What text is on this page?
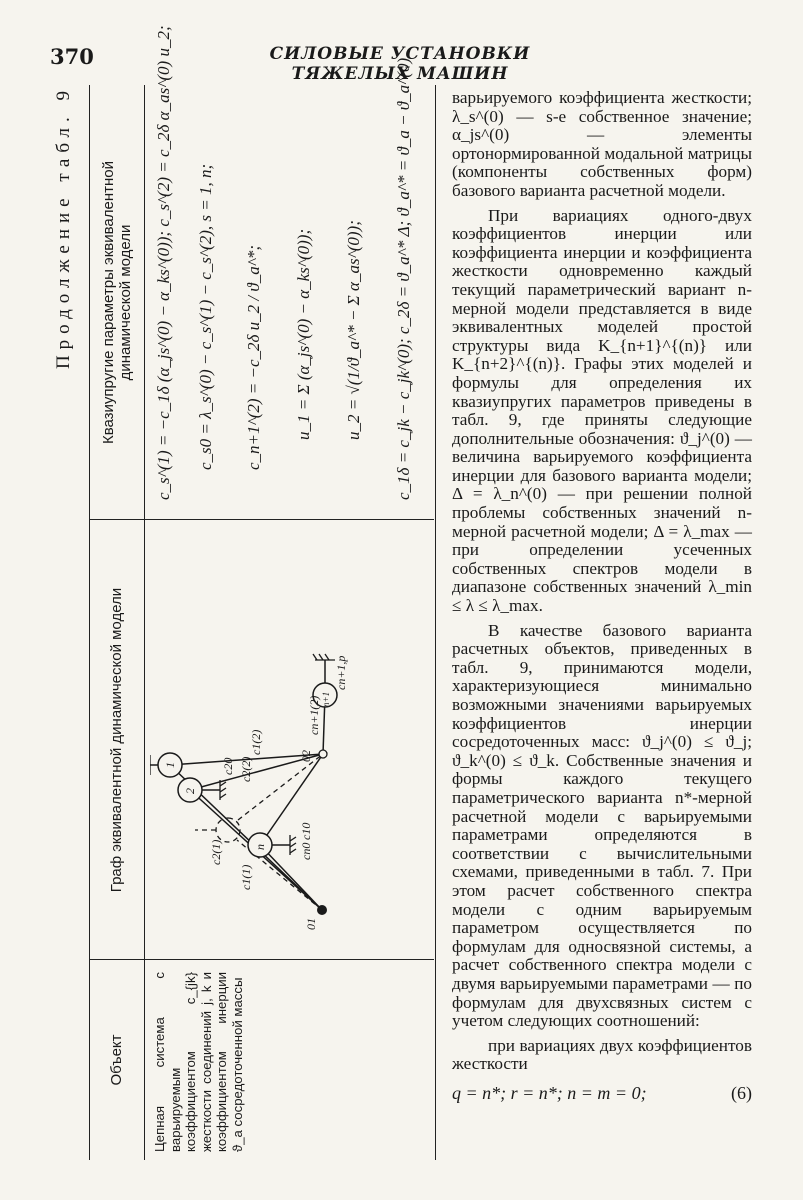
370	СИЛОВЫЕ УСТАНОВКИ ТЯЖЕЛЫХ МАШИН
Продолжение табл. 9
Объект
Граф эквивалентной динамической модели
Квазиупругие параметры эквивалентной динамической модели
Цепная система с варьируемым коэффициентом c_{jk} жесткости соединений j, k и коэффициентом инерции ϑ_a сосредоточенной массы
n
2
1
n+1
01
02
c10
c20
cn0
c1(1)
c2(1)
c1(2)
c2(2)
cn+1(2)
cn+1,p
c_s^(1) = −c_1δ (α_js^(0) − α_ks^(0)); c_s^(2) = c_2δ α_as^(0) u_2; c_s0 = λ_s^(0) − c_s^(1) − c_s^(2), s = 1, n; c_n+1^(2) = −c_2δ u_2 / ϑ_a^*; u_1 = Σ (α_js^(0) − α_ks^(0)); u_2 = √(1/ϑ_a^* − Σ α_as^(0)); c_1δ = c_jk − c_jk^(0); c_2δ = ϑ_a^* Δ; ϑ_a^* = ϑ_a − ϑ_a^(0) варьируемого коэффициента жесткости; λ_s^(0) — s-е собственное значение; α_js^(0) — элементы ортонормированной модальной матрицы (компоненты собственных форм) базового варианта расчетной модели.

При вариациях одного-двух коэффициентов инерции или коэффициента инерции и коэффициента жесткости одновременно каждый текущий параметрический вариант n-мерной модели представляется в виде эквивалентных моделей простой структуры вида K_{n+1}^{(n)} или K_{n+2}^{(n)}. Графы этих моделей и формулы для определения их квазиупругих параметров приведены в табл. 9, где приняты следующие дополнительные обозначения: ϑ_j^(0) — величина варьируемого коэффициента инерции для базового варианта модели; Δ = λ_n^(0) — при решении полной проблемы собственных значений n-мерной расчетной модели; Δ = λ_max — при определении усеченных собственных спектров модели в диапазоне собственных значений λ_min ≤ λ ≤ λ_max.

В качестве базового варианта расчетных объектов, приведенных в табл. 9, принимаются модели, характеризующиеся минимально возможными значениями варьируемых коэффициентов инерции сосредоточенных масс: ϑ_j^(0) ≤ ϑ_j; ϑ_k^(0) ≤ ϑ_k. Собственные значения и формы каждого текущего параметрического варианта n*-мерной расчетной модели с варьируемыми параметрами определяются в соответствии с вычислительными схемами, приведенными в табл. 7. При этом расчет собственного спектра модели с одним варьируемым параметром осуществляется по формулам для односвязной системы, а расчет собственного спектра модели с двумя варьируемыми параметрами — по формулам для двухсвязных систем с учетом следующих соотношений:

при вариациях двух коэффициентов жесткости

q = n*; r = n*; n = m = 0;	(6)
